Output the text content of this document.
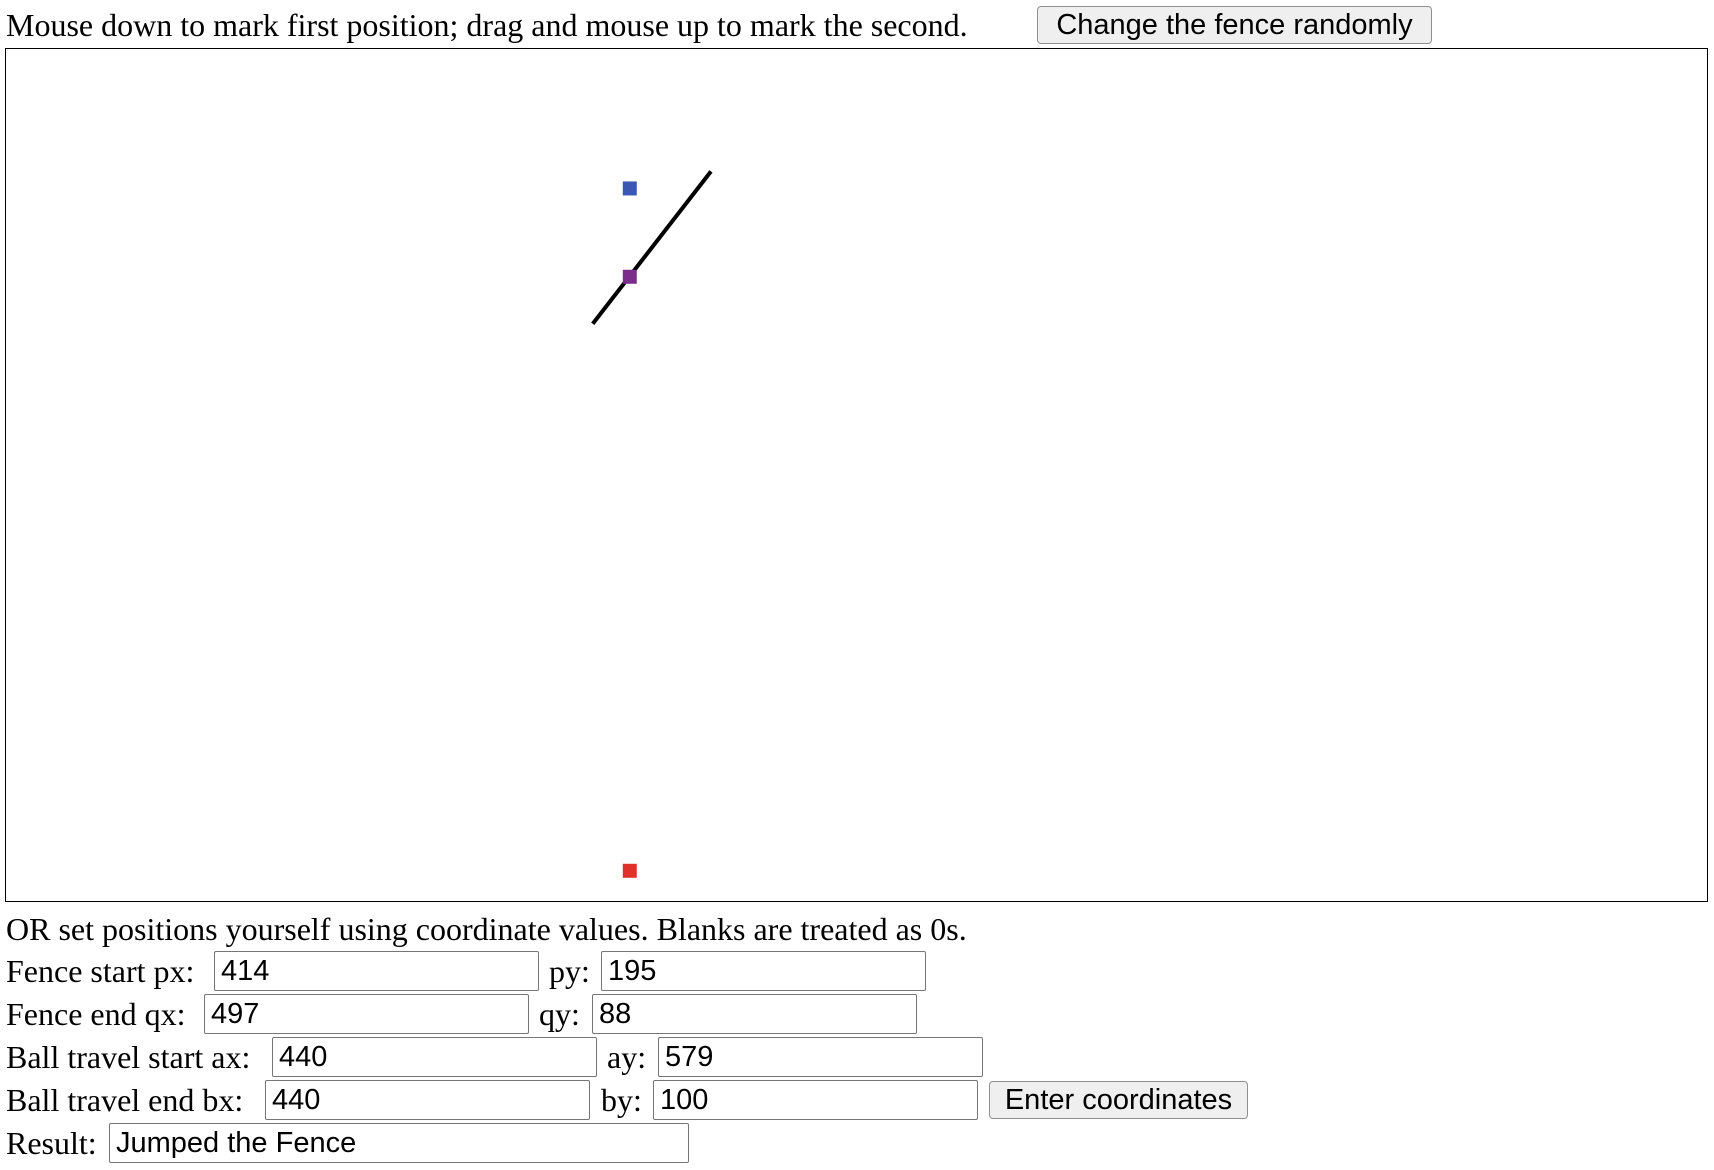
Mouse down to mark first position; drag and mouse up to mark the second.	Change the fence randomly
OR set positions yourself using coordinate values. Blanks are treated as 0s.
Fence start px: 414	py: 195
Fence end qx: 497	qy: 88
Ball travel start ax: 440	ay: 579
Ball travel end bx: 440	by: 100	Enter coordinates
Result: Jumped the Fence
